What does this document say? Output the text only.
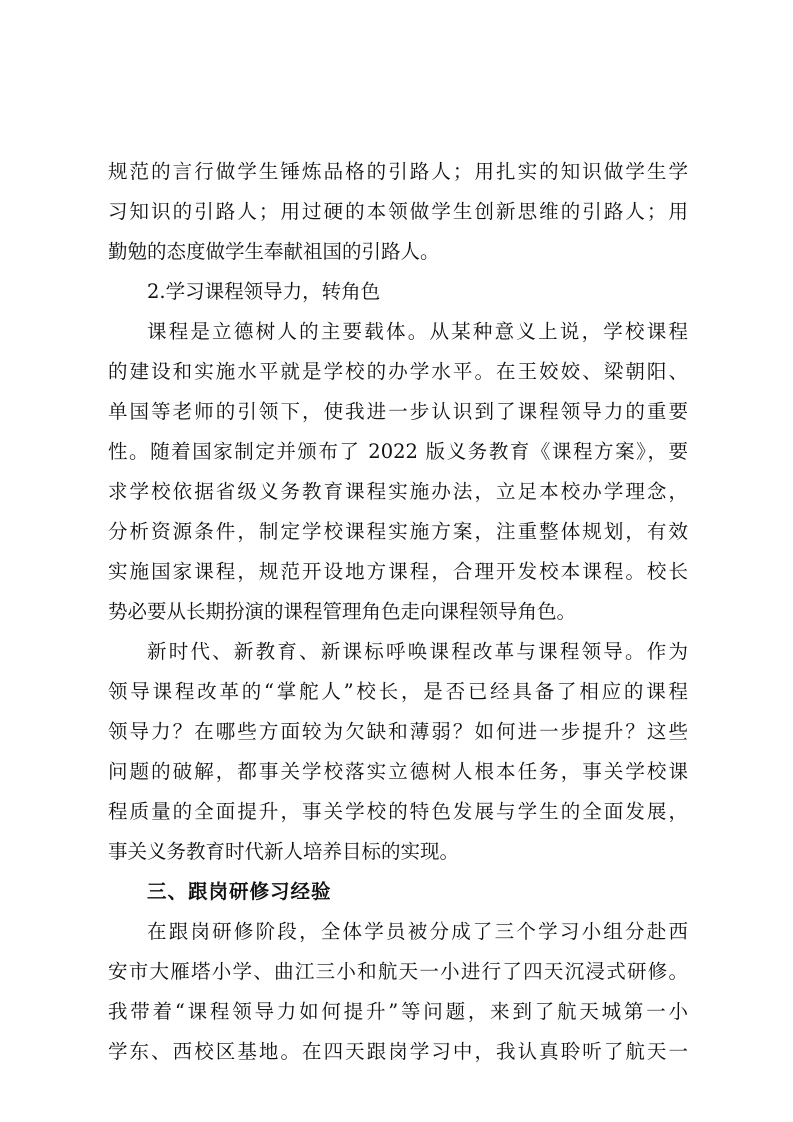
规范的言行做学生锤炼品格的引路人；用扎实的知识做学生学
习知识的引路人；用过硬的本领做学生创新思维的引路人；用
勤勉的态度做学生奉献祖国的引路人。
2.学习课程领导力，转角色
课程是立德树人的主要载体。从某种意义上说，学校课程
的建设和实施水平就是学校的办学水平。在王姣姣、梁朝阳、
单国等老师的引领下，使我进一步认识到了课程领导力的重要
性。随着国家制定并颁布了 2022 版义务教育《课程方案》，要
求学校依据省级义务教育课程实施办法，立足本校办学理念，
分析资源条件，制定学校课程实施方案，注重整体规划，有效
实施国家课程，规范开设地方课程，合理开发校本课程。校长
势必要从长期扮演的课程管理角色走向课程领导角色。
新时代、新教育、新课标呼唤课程改革与课程领导。作为
领导课程改革的“掌舵人”校长，是否已经具备了相应的课程
领导力？在哪些方面较为欠缺和薄弱？如何进一步提升？这些
问题的破解，都事关学校落实立德树人根本任务，事关学校课
程质量的全面提升，事关学校的特色发展与学生的全面发展，
事关义务教育时代新人培养目标的实现。
三、跟岗研修习经验
在跟岗研修阶段，全体学员被分成了三个学习小组分赴西
安市大雁塔小学、曲江三小和航天一小进行了四天沉浸式研修。
我带着“课程领导力如何提升”等问题，来到了航天城第一小
学东、西校区基地。在四天跟岗学习中，我认真聆听了航天一
